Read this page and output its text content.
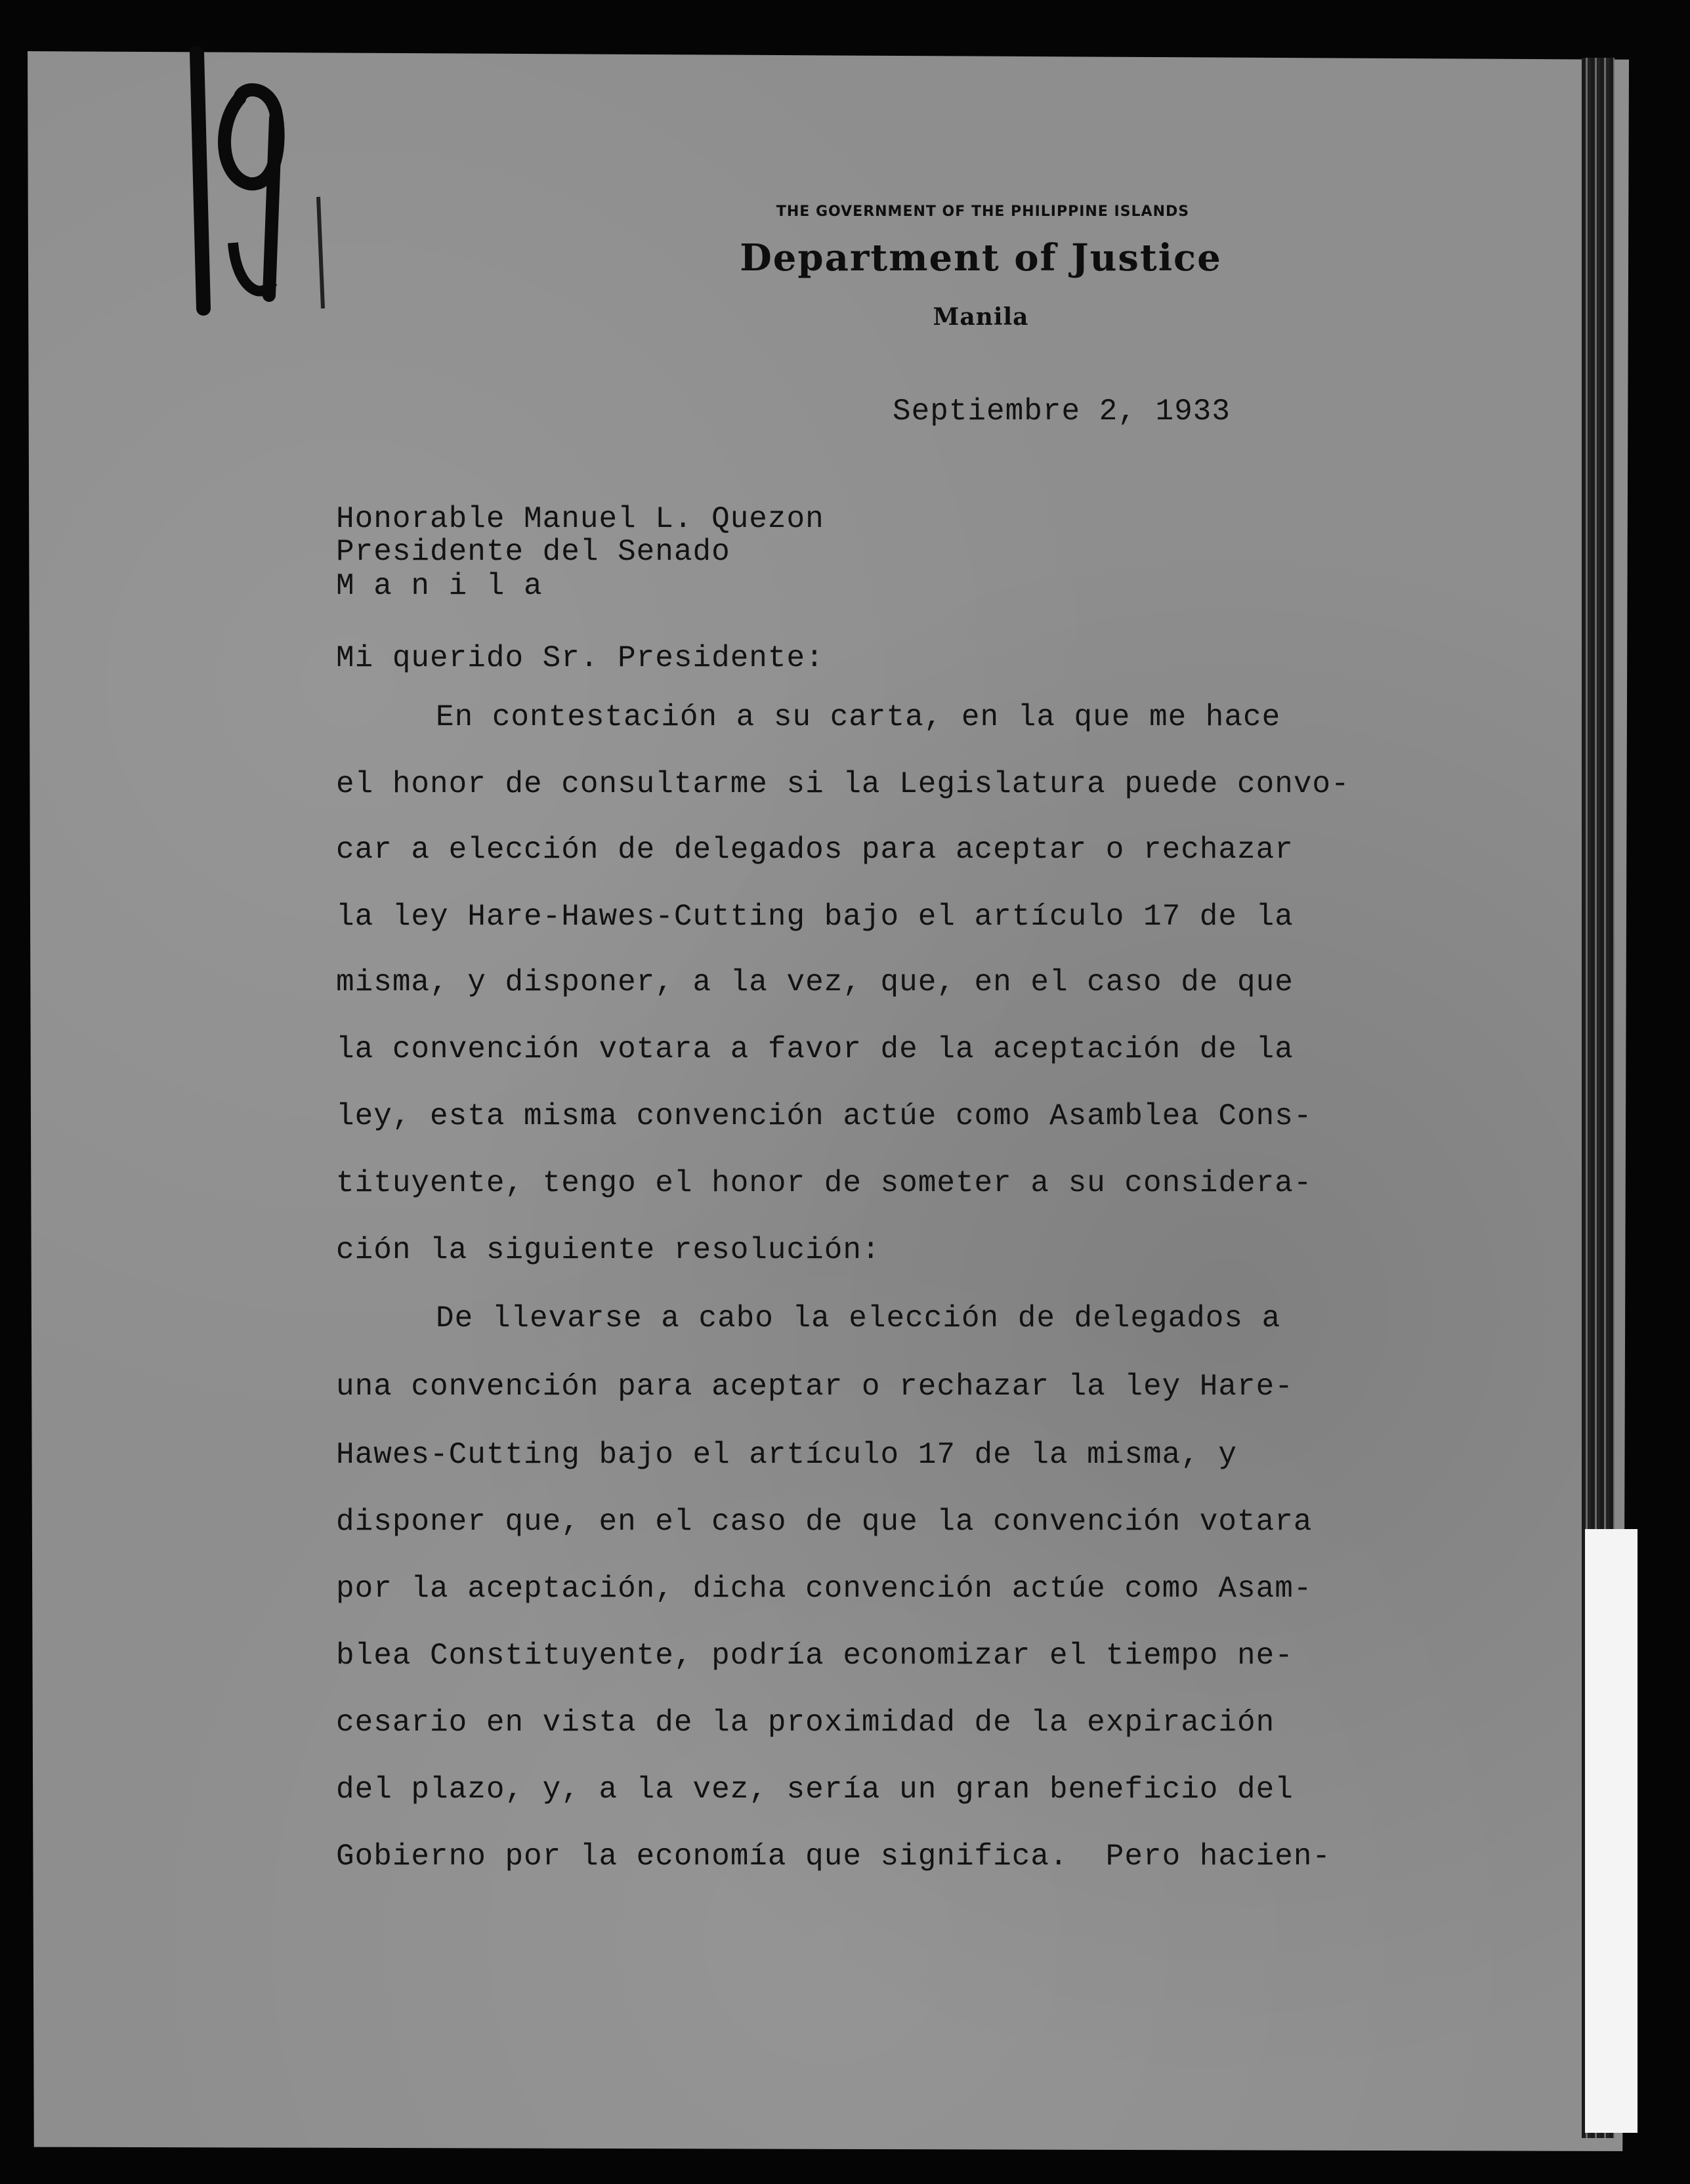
THE GOVERNMENT OF THE PHILIPPINE ISLANDS
Department of Justice
Manila
Septiembre 2, 1933
Honorable Manuel L. Quezon
Presidente del Senado
M a n i l a
Mi querido Sr. Presidente:
En contestación a su carta, en la que me hace
el honor de consultarme si la Legislatura puede convo-
car a elección de delegados para aceptar o rechazar
la ley Hare-Hawes-Cutting bajo el artículo 17 de la
misma, y disponer, a la vez, que, en el caso de que
la convención votara a favor de la aceptación de la
ley, esta misma convención actúe como Asamblea Cons-
tituyente, tengo el honor de someter a su considera-
ción la siguiente resolución:
De llevarse a cabo la elección de delegados a
una convención para aceptar o rechazar la ley Hare-
Hawes-Cutting bajo el artículo 17 de la misma, y
disponer que, en el caso de que la convención votara
por la aceptación, dicha convención actúe como Asam-
blea Constituyente, podría economizar el tiempo ne-
cesario en vista de la proximidad de la expiración
del plazo, y, a la vez, sería un gran beneficio del
Gobierno por la economía que significa.  Pero hacien-
